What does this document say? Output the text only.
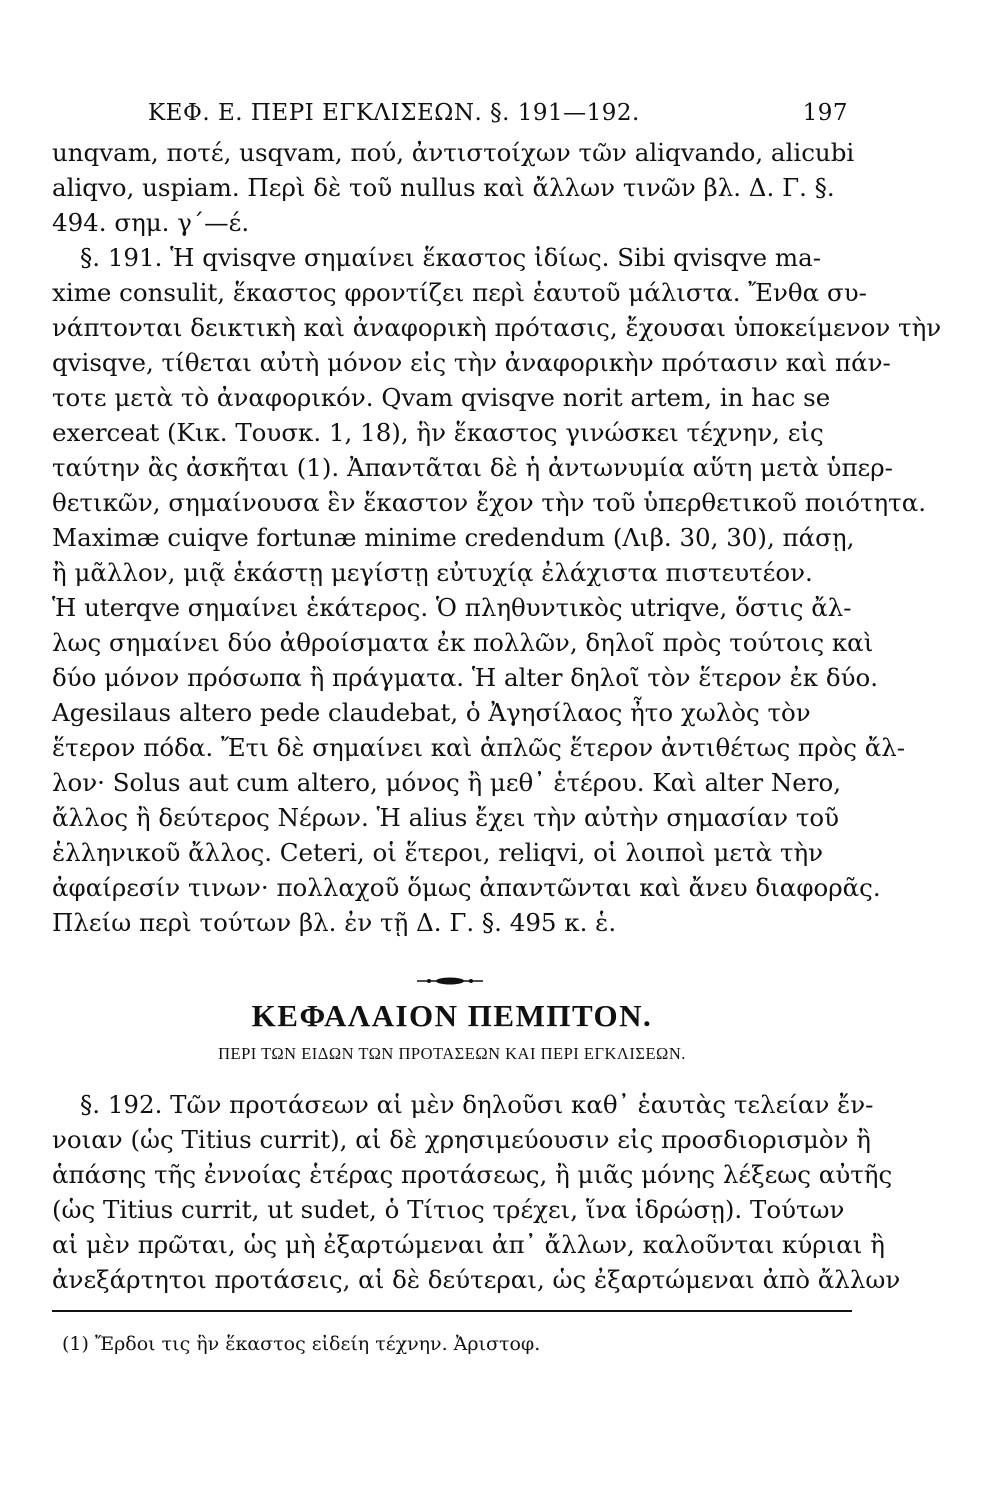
ΚΕΦ. Ε. ΠΕΡΙ ΕΓΚΛΙΣΕΩΝ. §. 191—192.	197
unqvam, ποτέ, usqvam, πού, ἀντιστοίχων τῶν aliqvando, alicubi
aliqvo, uspiam. Περὶ δὲ τοῦ nullus καὶ ἄλλων τινῶν βλ. Δ. Γ. §.
494. σημ. γ΄—έ.
§. 191. Ἡ qvisqve σημαίνει ἕκαστος ἰδίως. Sibi qvisqve ma-
xime consulit, ἕκαστος φροντίζει περὶ ἑαυτοῦ μάλιστα. Ἔνθα συ-
νάπτονται δεικτικὴ καὶ ἀναφορικὴ πρότασις, ἔχουσαι ὑποκείμενον τὴν
qvisqve, τίθεται αὐτὴ μόνον εἰς τὴν ἀναφορικὴν πρότασιν καὶ πάν-
τοτε μετὰ τὸ ἀναφορικόν. Qvam qvisqve norit artem, in hac se
exerceat (Κικ. Τουσκ. 1, 18), ἣν ἕκαστος γινώσκει τέχνην, εἰς
ταύτην ἂς ἀσκῆται (1). Ἀπαντᾶται δὲ ἡ ἀντωνυμία αὕτη μετὰ ὑπερ-
θετικῶν, σημαίνουσα ἓν ἕκαστον ἔχον τὴν τοῦ ὑπερθετικοῦ ποιότητα.
Maximæ cuiqve fortunæ minime credendum (Λιβ. 30, 30), πάσῃ,
ἢ μᾶλλον, μιᾷ ἑκάστῃ μεγίστῃ εὐτυχίᾳ ἐλάχιστα πιστευτέον.
Ἡ uterqve σημαίνει ἑκάτερος. Ὁ πληθυντικὸς utriqve, ὅστις ἄλ-
λως σημαίνει δύο ἀθροίσματα ἐκ πολλῶν, δηλοῖ πρὸς τούτοις καὶ
δύο μόνον πρόσωπα ἢ πράγματα. Ἡ alter δηλοῖ τὸν ἕτερον ἐκ δύο.
Agesilaus altero pede claudebat, ὁ Ἀγησίλαος ἦτο χωλὸς τὸν
ἕτερον πόδα. Ἔτι δὲ σημαίνει καὶ ἁπλῶς ἕτερον ἀντιθέτως πρὸς ἄλ-
λον· Solus aut cum altero, μόνος ἢ μεθ᾽ ἑτέρου. Καὶ alter Nero,
ἄλλος ἢ δεύτερος Νέρων. Ἡ alius ἔχει τὴν αὐτὴν σημασίαν τοῦ
ἑλληνικοῦ ἄλλος. Ceteri, οἱ ἕτεροι, reliqvi, οἱ λοιποὶ μετὰ τὴν
ἀφαίρεσίν τινων· πολλαχοῦ ὅμως ἀπαντῶνται καὶ ἄνευ διαφορᾶς.
Πλείω περὶ τούτων βλ. ἐν τῇ Δ. Γ. §. 495 κ. ἑ.
ΚΕΦΑΛΑΙΟΝ ΠΕΜΠΤΟΝ.
ΠΕΡΙ ΤΩΝ ΕΙΔΩΝ ΤΩΝ ΠΡΟΤΑΣΕΩΝ ΚΑΙ ΠΕΡΙ ΕΓΚΛΙΣΕΩΝ.
§. 192. Τῶν προτάσεων αἱ μὲν δηλοῦσι καθ᾽ ἑαυτὰς τελείαν ἔν-
νοιαν (ὡς Titius currit), αἱ δὲ χρησιμεύουσιν εἰς προσδιορισμὸν ἢ
ἁπάσης τῆς ἐννοίας ἑτέρας προτάσεως, ἢ μιᾶς μόνης λέξεως αὐτῆς
(ὡς Titius currit, ut sudet, ὁ Τίτιος τρέχει, ἵνα ἱδρώσῃ). Τούτων
αἱ μὲν πρῶται, ὡς μὴ ἐξαρτώμεναι ἀπ᾽ ἄλλων, καλοῦνται κύριαι ἢ
ἀνεξάρτητοι προτάσεις, αἱ δὲ δεύτεραι, ὡς ἐξαρτώμεναι ἀπὸ ἄλλων
(1) Ἔρδοι τις ἣν ἕκαστος εἰδείη τέχνην. Ἀριστοφ.
